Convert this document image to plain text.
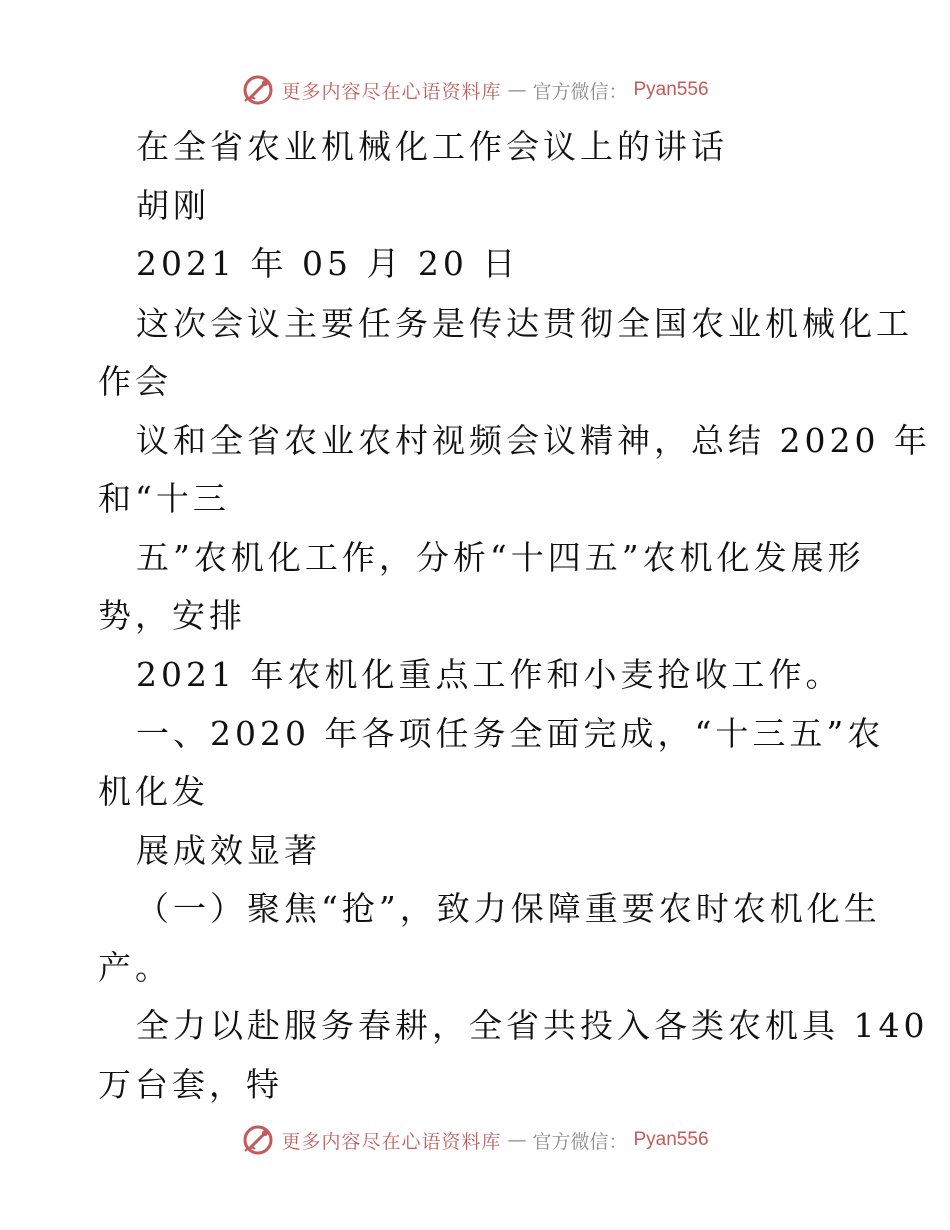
更多内容尽在心语资料库 — 官方微信： Pyan556
在全省农业机械化工作会议上的讲话
胡刚
2021 年 05 月 20 日
这次会议主要任务是传达贯彻全国农业机械化工
作会
议和全省农业农村视频会议精神，总结 2020 年
和“十三
五”农机化工作，分析“十四五”农机化发展形
势，安排
2021 年农机化重点工作和小麦抢收工作。
一、2020 年各项任务全面完成，“十三五”农
机化发
展成效显著
（一）聚焦“抢”，致力保障重要农时农机化生
产。
全力以赴服务春耕，全省共投入各类农机具 140
万台套，特
更多内容尽在心语资料库 — 官方微信： Pyan556
